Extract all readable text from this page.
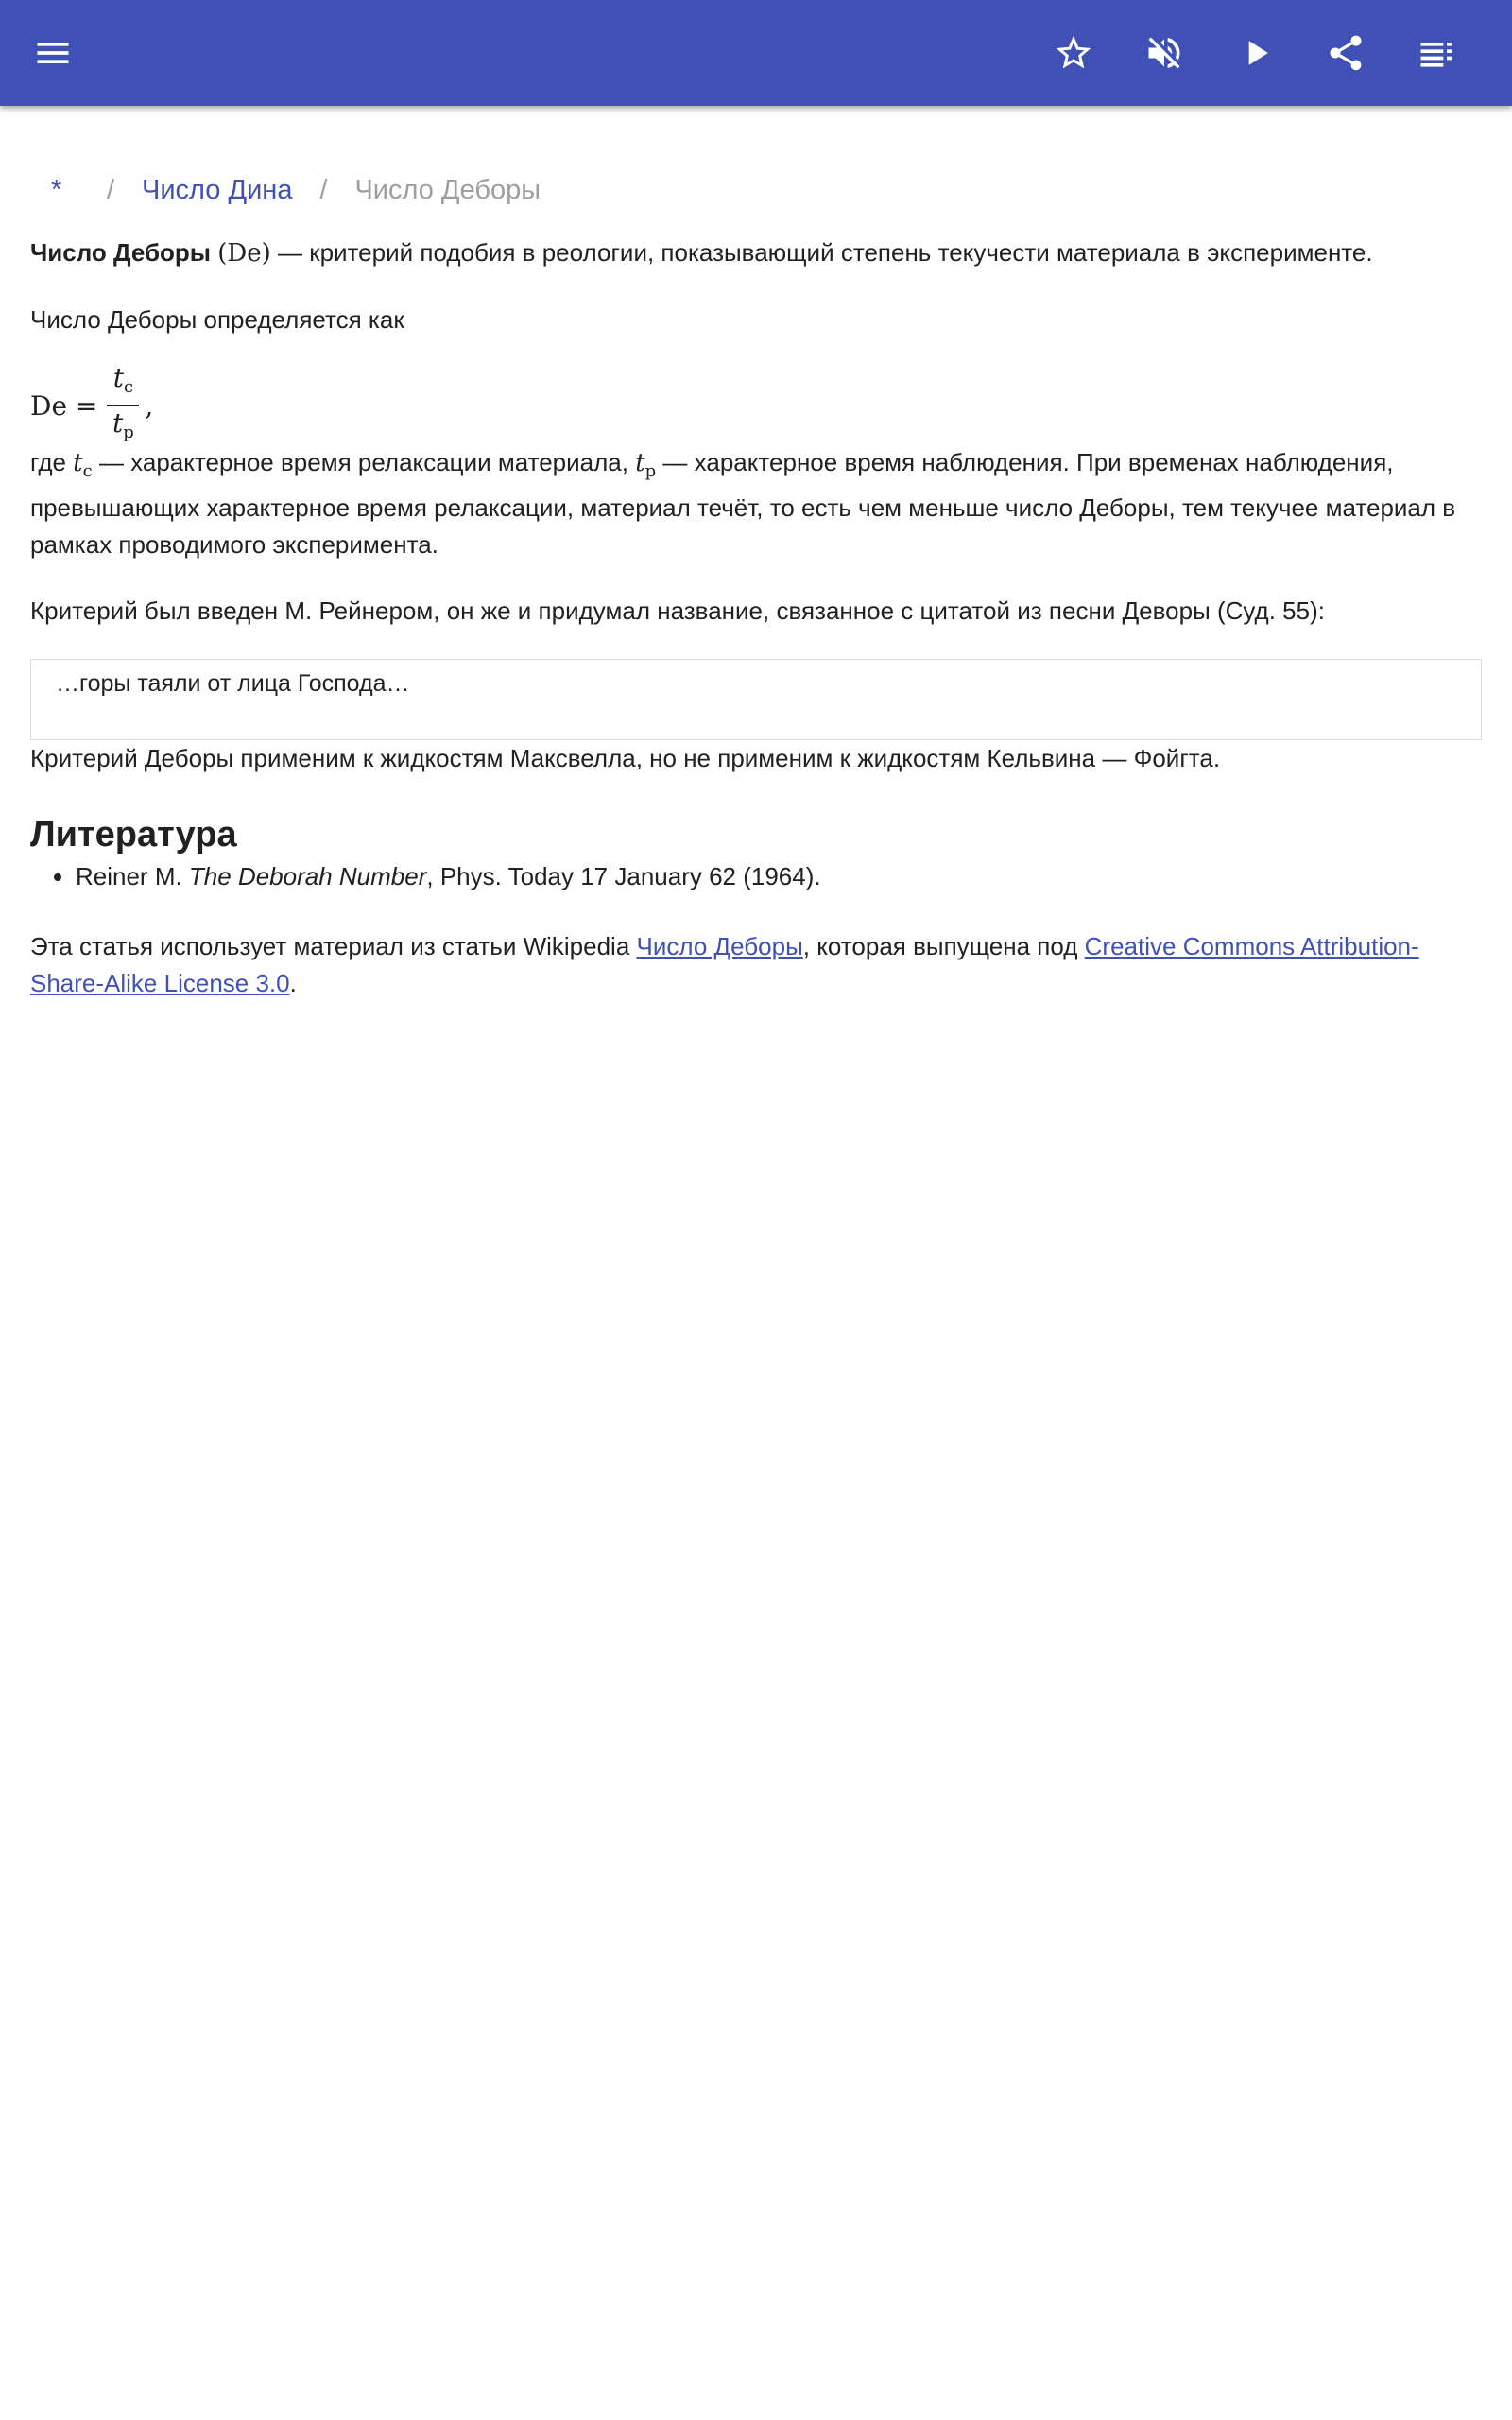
*	/ Число Дина / Число Деборы

Число Деборы (De) — критерий подобия в реологии, показывающий степень текучести материала в эксперименте.

Число Деборы определяется как

$De = \frac{t_c}{t_p}$ ,

где $t_c$ — характерное время релаксации материала, $t_p$ — характерное время наблюдения. При временах наблюдения, превышающих характерное время релаксации, материал течёт, то есть чем меньше число Деборы, тем текучее материал в рамках проводимого эксперимента.

Критерий был введен М. Рейнером, он же и придумал название, связанное с цитатой из песни Деворы (Суд. 55):

…горы таяли от лица Господа…

Критерий Деборы применим к жидкостям Максвелла, но не применим к жидкостям Кельвина — Фойгта.

Литература
• Reiner M. The Deborah Number, Phys. Today 17 January 62 (1964).

Эта статья использует материал из статьи Wikipedia Число Деборы, которая выпущена под Creative Commons Attribution-Share-Alike License 3.0.
